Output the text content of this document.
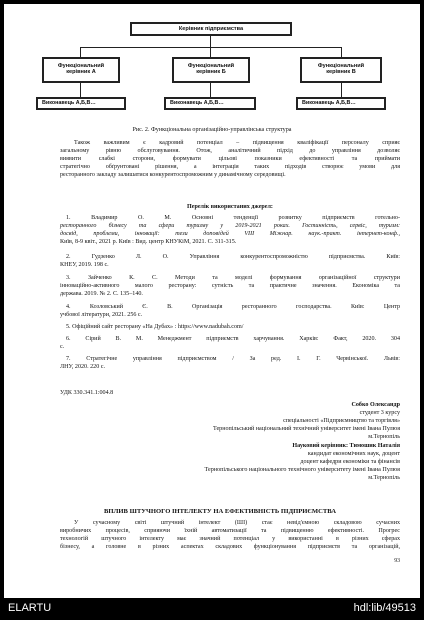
Керівник підприємства
Функціональний
керівник А
Функціональний
керівник Б
Функціональний
керівник В
Виконавець А,Б,В…	Виконавець А,Б,В…	Виконавець А,Б,В…
Рис. 2. Функціональна організаційно-управлінська структура
Також важливим є кадровий потенціал – підвищення кваліфікації персоналу сприяє
загальному рівню обслуговування. Отож, аналітичний підхід до управління дозволяє
виявити слабкі сторони, формувати цільові показники ефективності та приймати
стратегічно обґрунтовані рішення, а інтеграція таких підходів створює умови для
ресторанного закладу залишатися конкурентоспроможним у динамічному середовищі.
Перелік використаних джерел:
1. Владимир О. М. Основні тенденції розвитку підприємств готельно-
ресторанного бізнесу та сфери туризму у 2019-2021 роках. Гостинність, сервіс, туризм:
досвід, проблеми, інновації: тези доповідей VIII Міжнар. наук.-практ. інтернет-конф.,
Київ, 8-9 квіт., 2021 р. Київ : Вид. центр КНУКіМ, 2021. С. 311-315.
2. Гудзенко Л. О. Управління конкурентоспроможністю підприємства. Київ:
КНЕУ, 2019. 198 с.
3. Зайченко К. С. Методи та моделі формування організаційної структури
інноваційно-активного малого ресторану: сутність та практичне значення. Економіка та
держава. 2019. № 2. С. 135–140.
4. Козловський Є. В. Організація ресторанного господарства. Київ: Центр
учбової літератури, 2021. 256 с.
5. Офіційний сайт ресторану «На Дубах» : https://www.nadubah.com/
6. Сірий В. М. Менеджмент підприємств харчування. Харків: Факт, 2020. 304
с.
7. Стратегічне управління підприємством / За ред. І. Г. Червінської. Львів:
ЛНУ, 2020. 220 с.
УДК 330.341.1:004.8
Собко Олександр
студент 3 курсу
спеціальності «Підприємництво та торгівля»
Тернопільський національний технічний університет імені Івана Пулюя
м.Тернопіль
Науковий керівник: Тимошик Наталія
кандидат економічних наук, доцент
доцент кафедри економіки та фінансів
Тернопільського національного технічного університету імені Івана Пулюя
м.Тернопіль
ВПЛИВ ШТУЧНОГО ІНТЕЛЕКТУ НА ЕФЕКТИВНІСТЬ ПІДПРИЄМСТВА
У сучасному світі штучний інтелект (ШІ) стає невід'ємною складовою сучасних
виробничих процесів, сприяючи їхній автоматизації та підвищенню ефективності. Прогрес
технологій штучного інтелекту має значний потенціал у використанні в різних сферах
бізнесу, а головне в різних аспектах складових функціонування підприємств та організацій,
93
ELARTU	hdl:lib/49513
